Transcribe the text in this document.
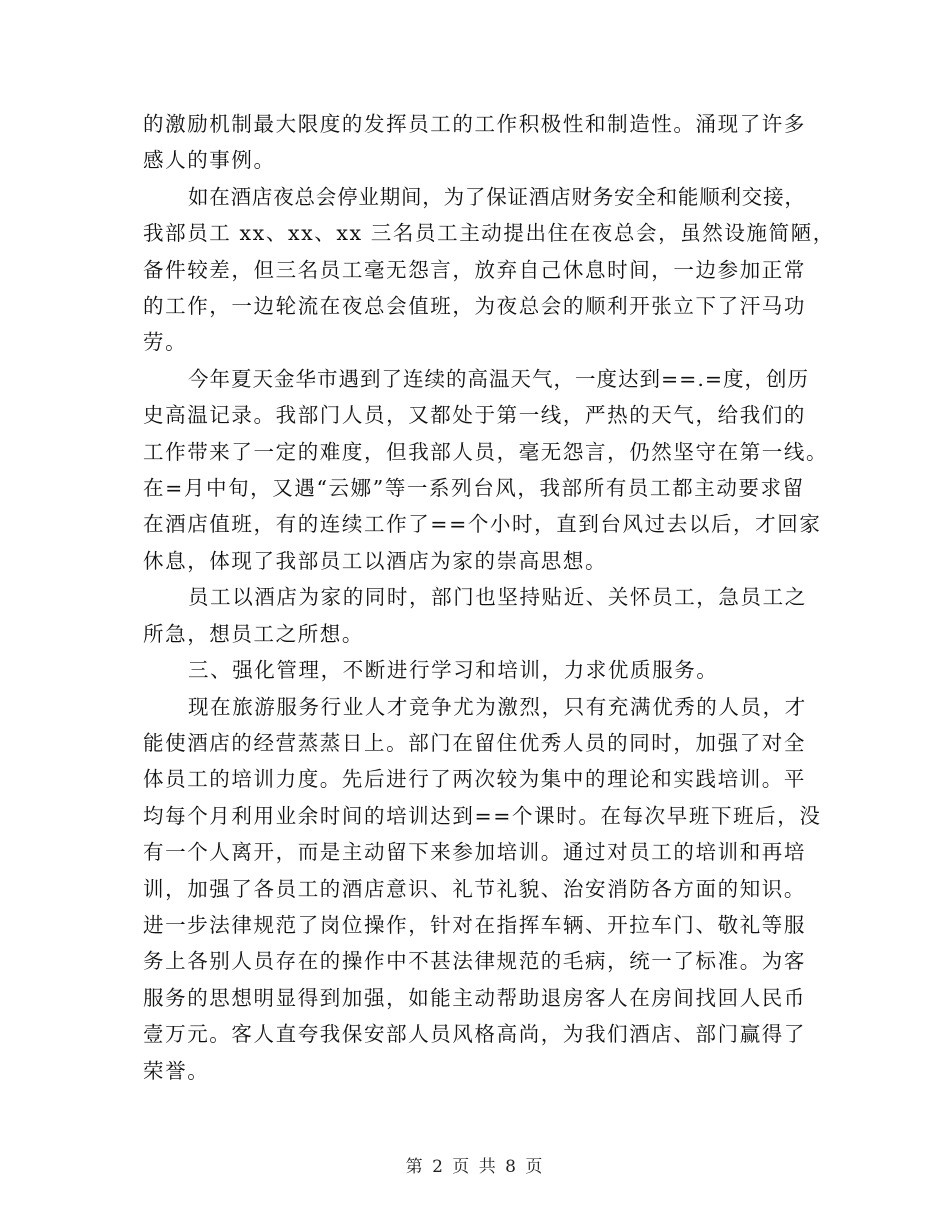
的激励机制最大限度的发挥员工的工作积极性和制造性。涌现了许多
感人的事例。

如在酒店夜总会停业期间，为了保证酒店财务安全和能顺利交接，
我部员工 xx、xx、xx 三名员工主动提出住在夜总会，虽然设施简陋，
备件较差，但三名员工毫无怨言，放弃自己休息时间，一边参加正常
的工作，一边轮流在夜总会值班，为夜总会的顺利开张立下了汗马功
劳。

今年夏天金华市遇到了连续的高温天气，一度达到==.=度，创历
史高温记录。我部门人员，又都处于第一线，严热的天气，给我们的
工作带来了一定的难度，但我部人员，毫无怨言，仍然坚守在第一线。
在=月中旬，又遇“云娜”等一系列台风，我部所有员工都主动要求留
在酒店值班，有的连续工作了==个小时，直到台风过去以后，才回家
休息，体现了我部员工以酒店为家的崇高思想。

员工以酒店为家的同时，部门也坚持贴近、关怀员工，急员工之
所急，想员工之所想。

三、强化管理，不断进行学习和培训，力求优质服务。

现在旅游服务行业人才竞争尤为激烈，只有充满优秀的人员，才
能使酒店的经营蒸蒸日上。部门在留住优秀人员的同时，加强了对全
体员工的培训力度。先后进行了两次较为集中的理论和实践培训。平
均每个月利用业余时间的培训达到==个课时。在每次早班下班后，没
有一个人离开，而是主动留下来参加培训。通过对员工的培训和再培
训，加强了各员工的酒店意识、礼节礼貌、治安消防各方面的知识。
进一步法律规范了岗位操作，针对在指挥车辆、开拉车门、敬礼等服
务上各别人员存在的操作中不甚法律规范的毛病，统一了标准。为客
服务的思想明显得到加强，如能主动帮助退房客人在房间找回人民币
壹万元。客人直夸我保安部人员风格高尚，为我们酒店、部门赢得了
荣誉。

第 2 页 共 8 页
